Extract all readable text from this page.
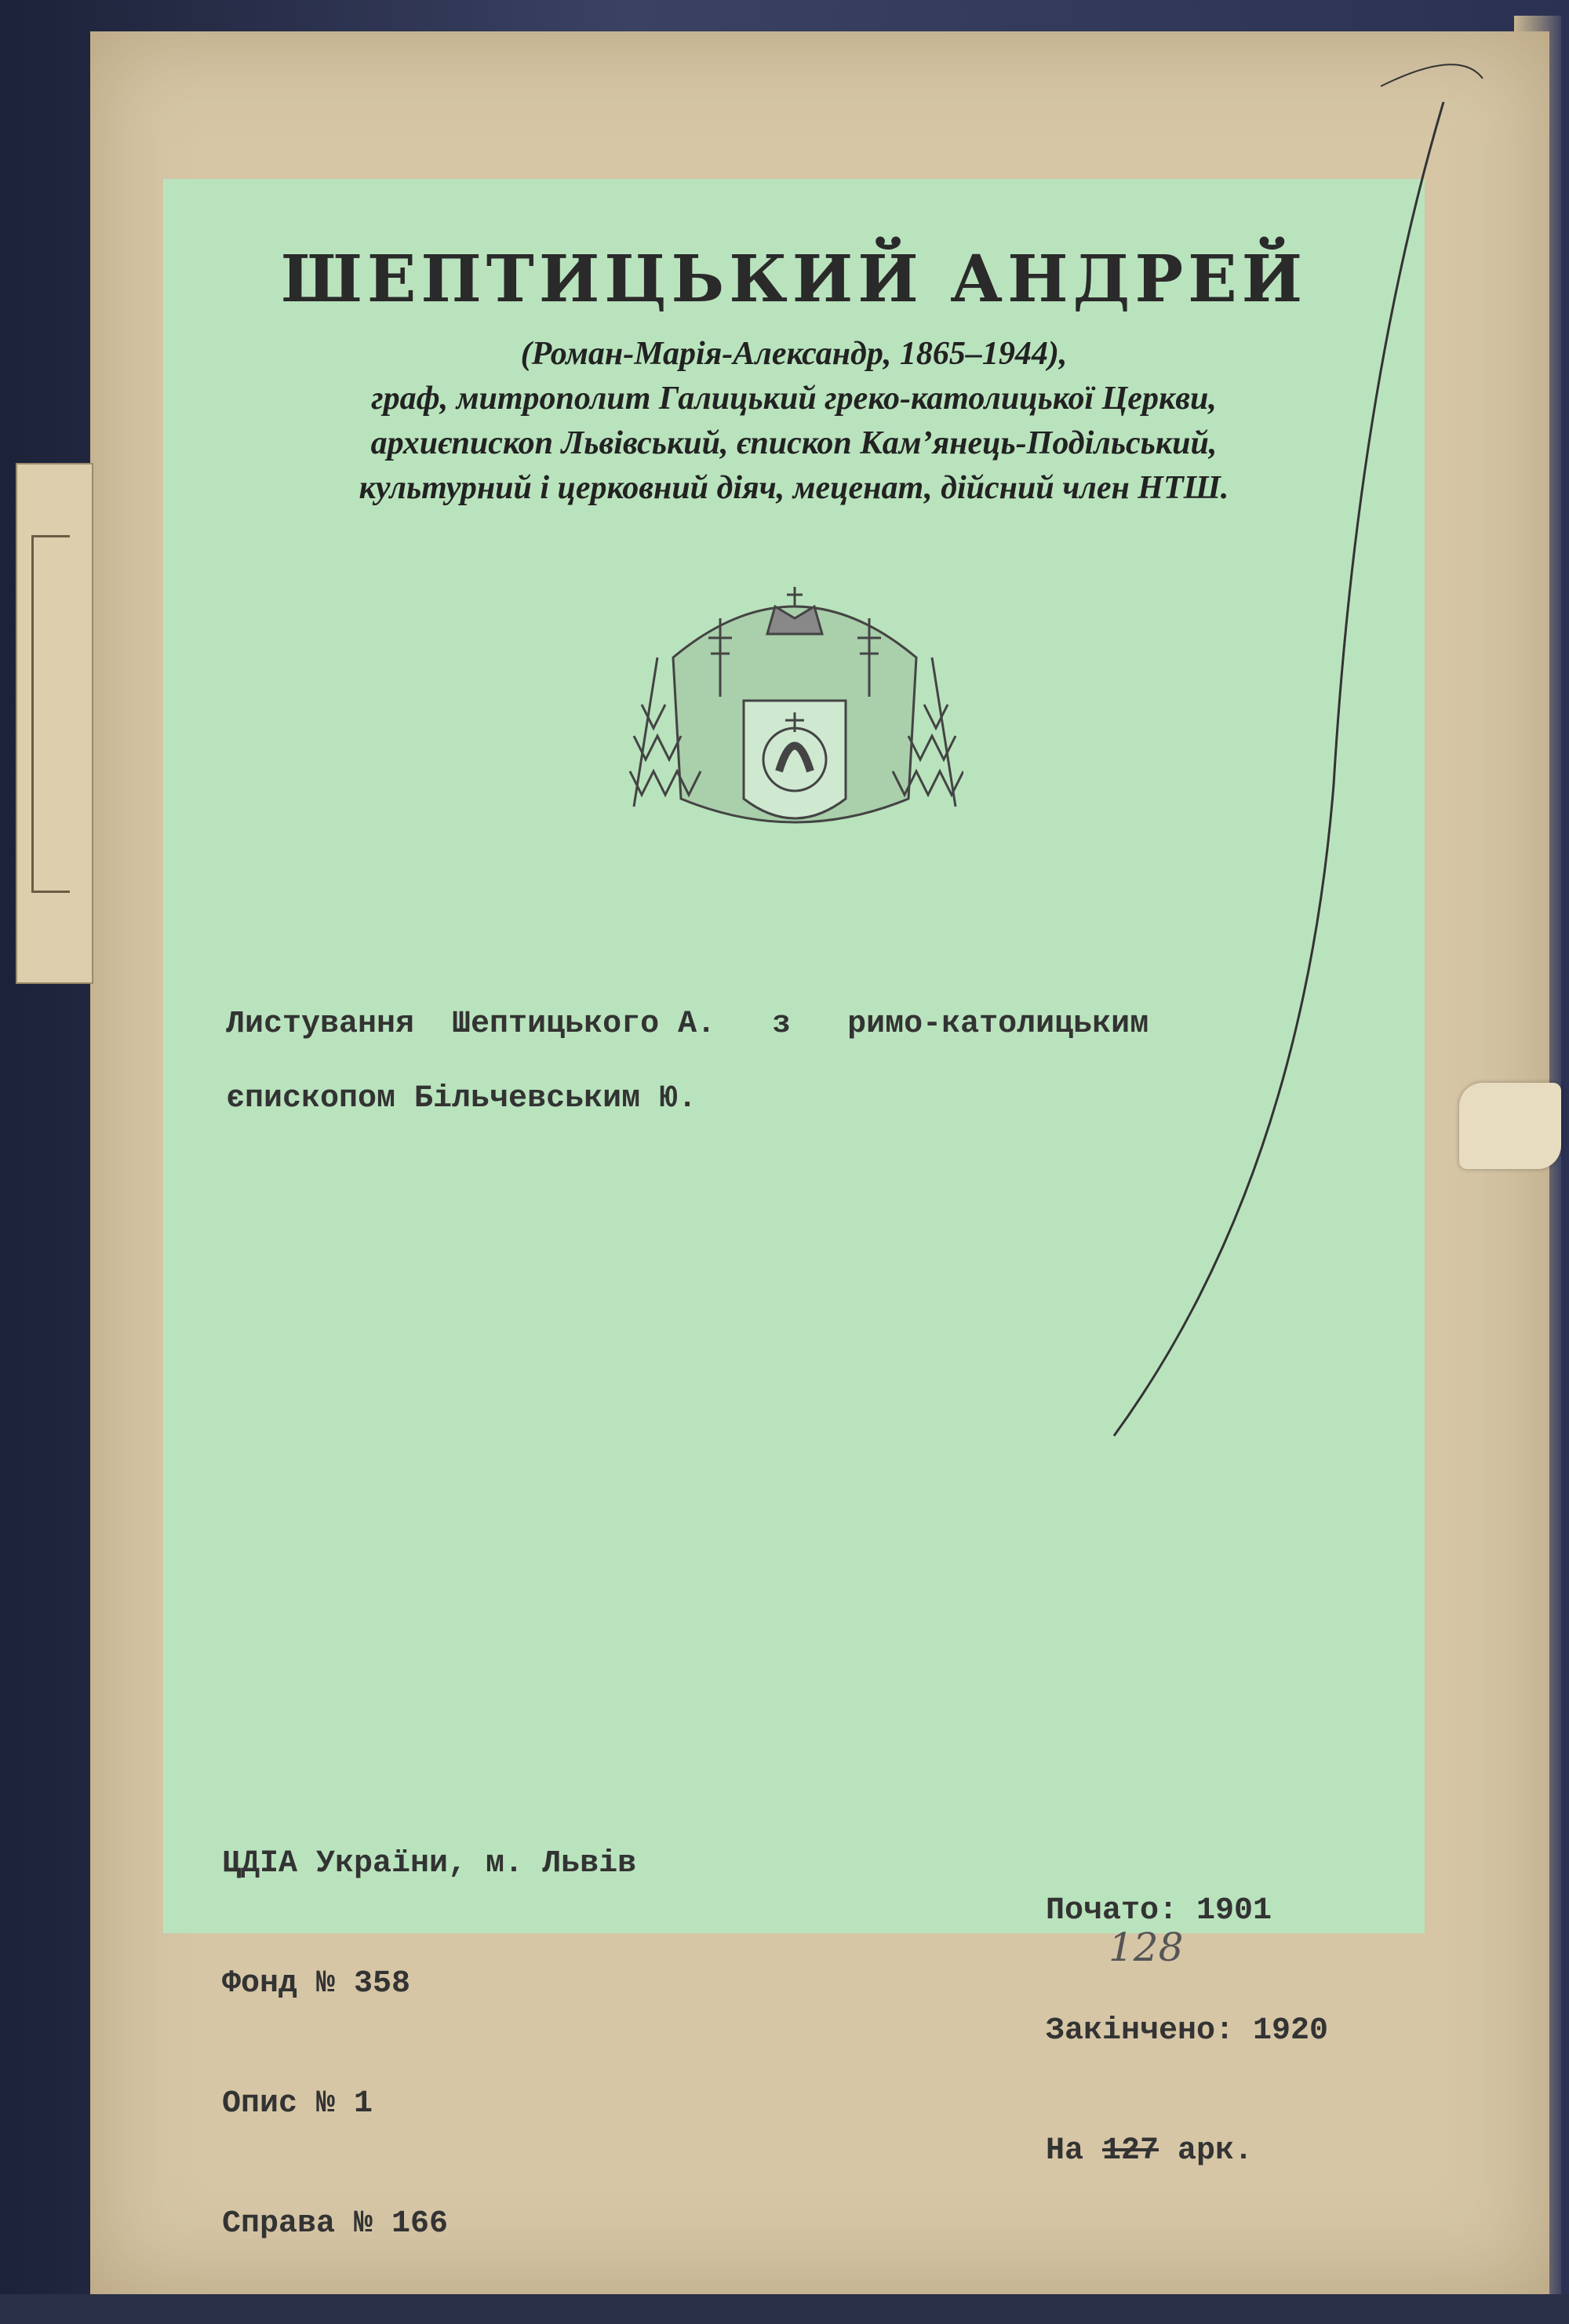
ШЕПТИЦЬКИЙ АНДРЕЙ
(Роман-Марія-Александр, 1865–1944),
граф, митрополит Галицький греко-католицької Церкви,
архиєпископ Львівський, єпископ Кам’янець-Подільський,
культурний і церковний діяч, меценат, дійсний член НТШ.
Листування  Шептицького А.   з   римо-католицьким
єпископом Більчевським Ю.

ЦДІА України, м. Львів

Фонд № 358

Опис № 1

Справа № 166

Почато: 1901

Закінчено: 1920

На 127 арк.

128
